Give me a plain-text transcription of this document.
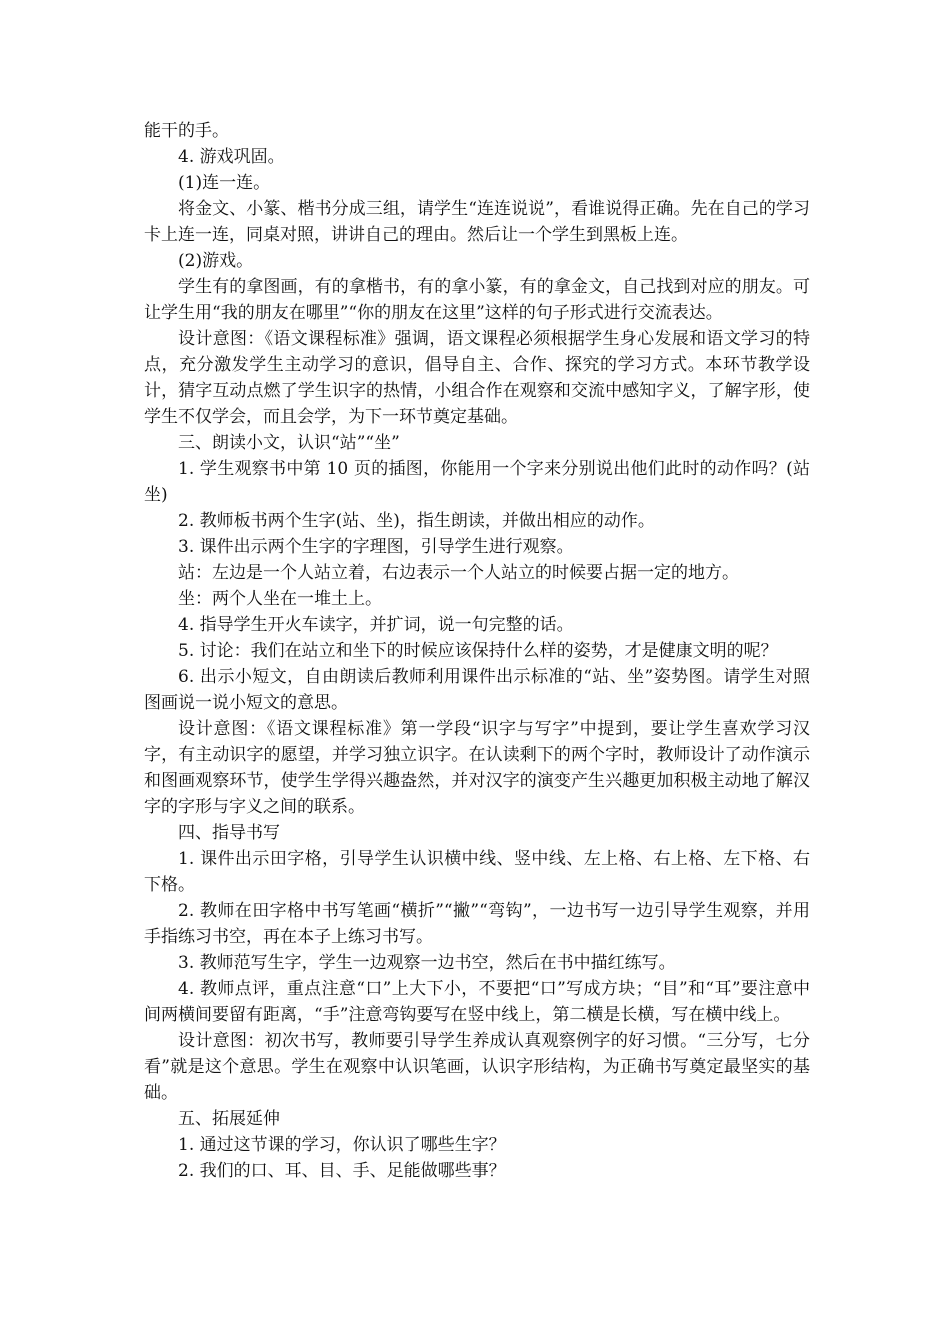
能干的手。

4. 游戏巩固。

(1)连一连。

将金文、小篆、楷书分成三组，请学生“连连说说”，看谁说得正确。先在自己的学习卡上连一连，同桌对照，讲讲自己的理由。然后让一个学生到黑板上连。

(2)游戏。

学生有的拿图画，有的拿楷书，有的拿小篆，有的拿金文，自己找到对应的朋友。可让学生用“我的朋友在哪里”“你的朋友在这里”这样的句子形式进行交流表达。

设计意图：《语文课程标准》强调，语文课程必须根据学生身心发展和语文学习的特点，充分激发学生主动学习的意识，倡导自主、合作、探究的学习方式。本环节教学设计，猜字互动点燃了学生识字的热情，小组合作在观察和交流中感知字义，了解字形，使学生不仅学会，而且会学，为下一环节奠定基础。

三、朗读小文，认识“站”“坐”

1. 学生观察书中第 10 页的插图，你能用一个字来分别说出他们此时的动作吗？(站　坐)

2. 教师板书两个生字(站、坐)，指生朗读，并做出相应的动作。

3. 课件出示两个生字的字理图，引导学生进行观察。

站：左边是一个人站立着，右边表示一个人站立的时候要占据一定的地方。

坐：两个人坐在一堆土上。

4. 指导学生开火车读字，并扩词，说一句完整的话。

5. 讨论：我们在站立和坐下的时候应该保持什么样的姿势，才是健康文明的呢？

6. 出示小短文，自由朗读后教师利用课件出示标准的“站、坐”姿势图。请学生对照图画说一说小短文的意思。

设计意图：《语文课程标准》第一学段“识字与写字”中提到，要让学生喜欢学习汉字，有主动识字的愿望，并学习独立识字。在认读剩下的两个字时，教师设计了动作演示和图画观察环节，使学生学得兴趣盎然，并对汉字的演变产生兴趣更加积极主动地了解汉字的字形与字义之间的联系。

四、指导书写

1. 课件出示田字格，引导学生认识横中线、竖中线、左上格、右上格、左下格、右下格。

2. 教师在田字格中书写笔画“横折”“撇”“弯钩”，一边书写一边引导学生观察，并用手指练习书空，再在本子上练习书写。

3. 教师范写生字，学生一边观察一边书空，然后在书中描红练写。

4. 教师点评，重点注意“口”上大下小，不要把“口”写成方块；“目”和“耳”要注意中间两横间要留有距离，“手”注意弯钩要写在竖中线上，第二横是长横，写在横中线上。

设计意图：初次书写，教师要引导学生养成认真观察例字的好习惯。“三分写，七分看”就是这个意思。学生在观察中认识笔画，认识字形结构，为正确书写奠定最坚实的基础。

五、拓展延伸

1. 通过这节课的学习，你认识了哪些生字？

2. 我们的口、耳、目、手、足能做哪些事？
